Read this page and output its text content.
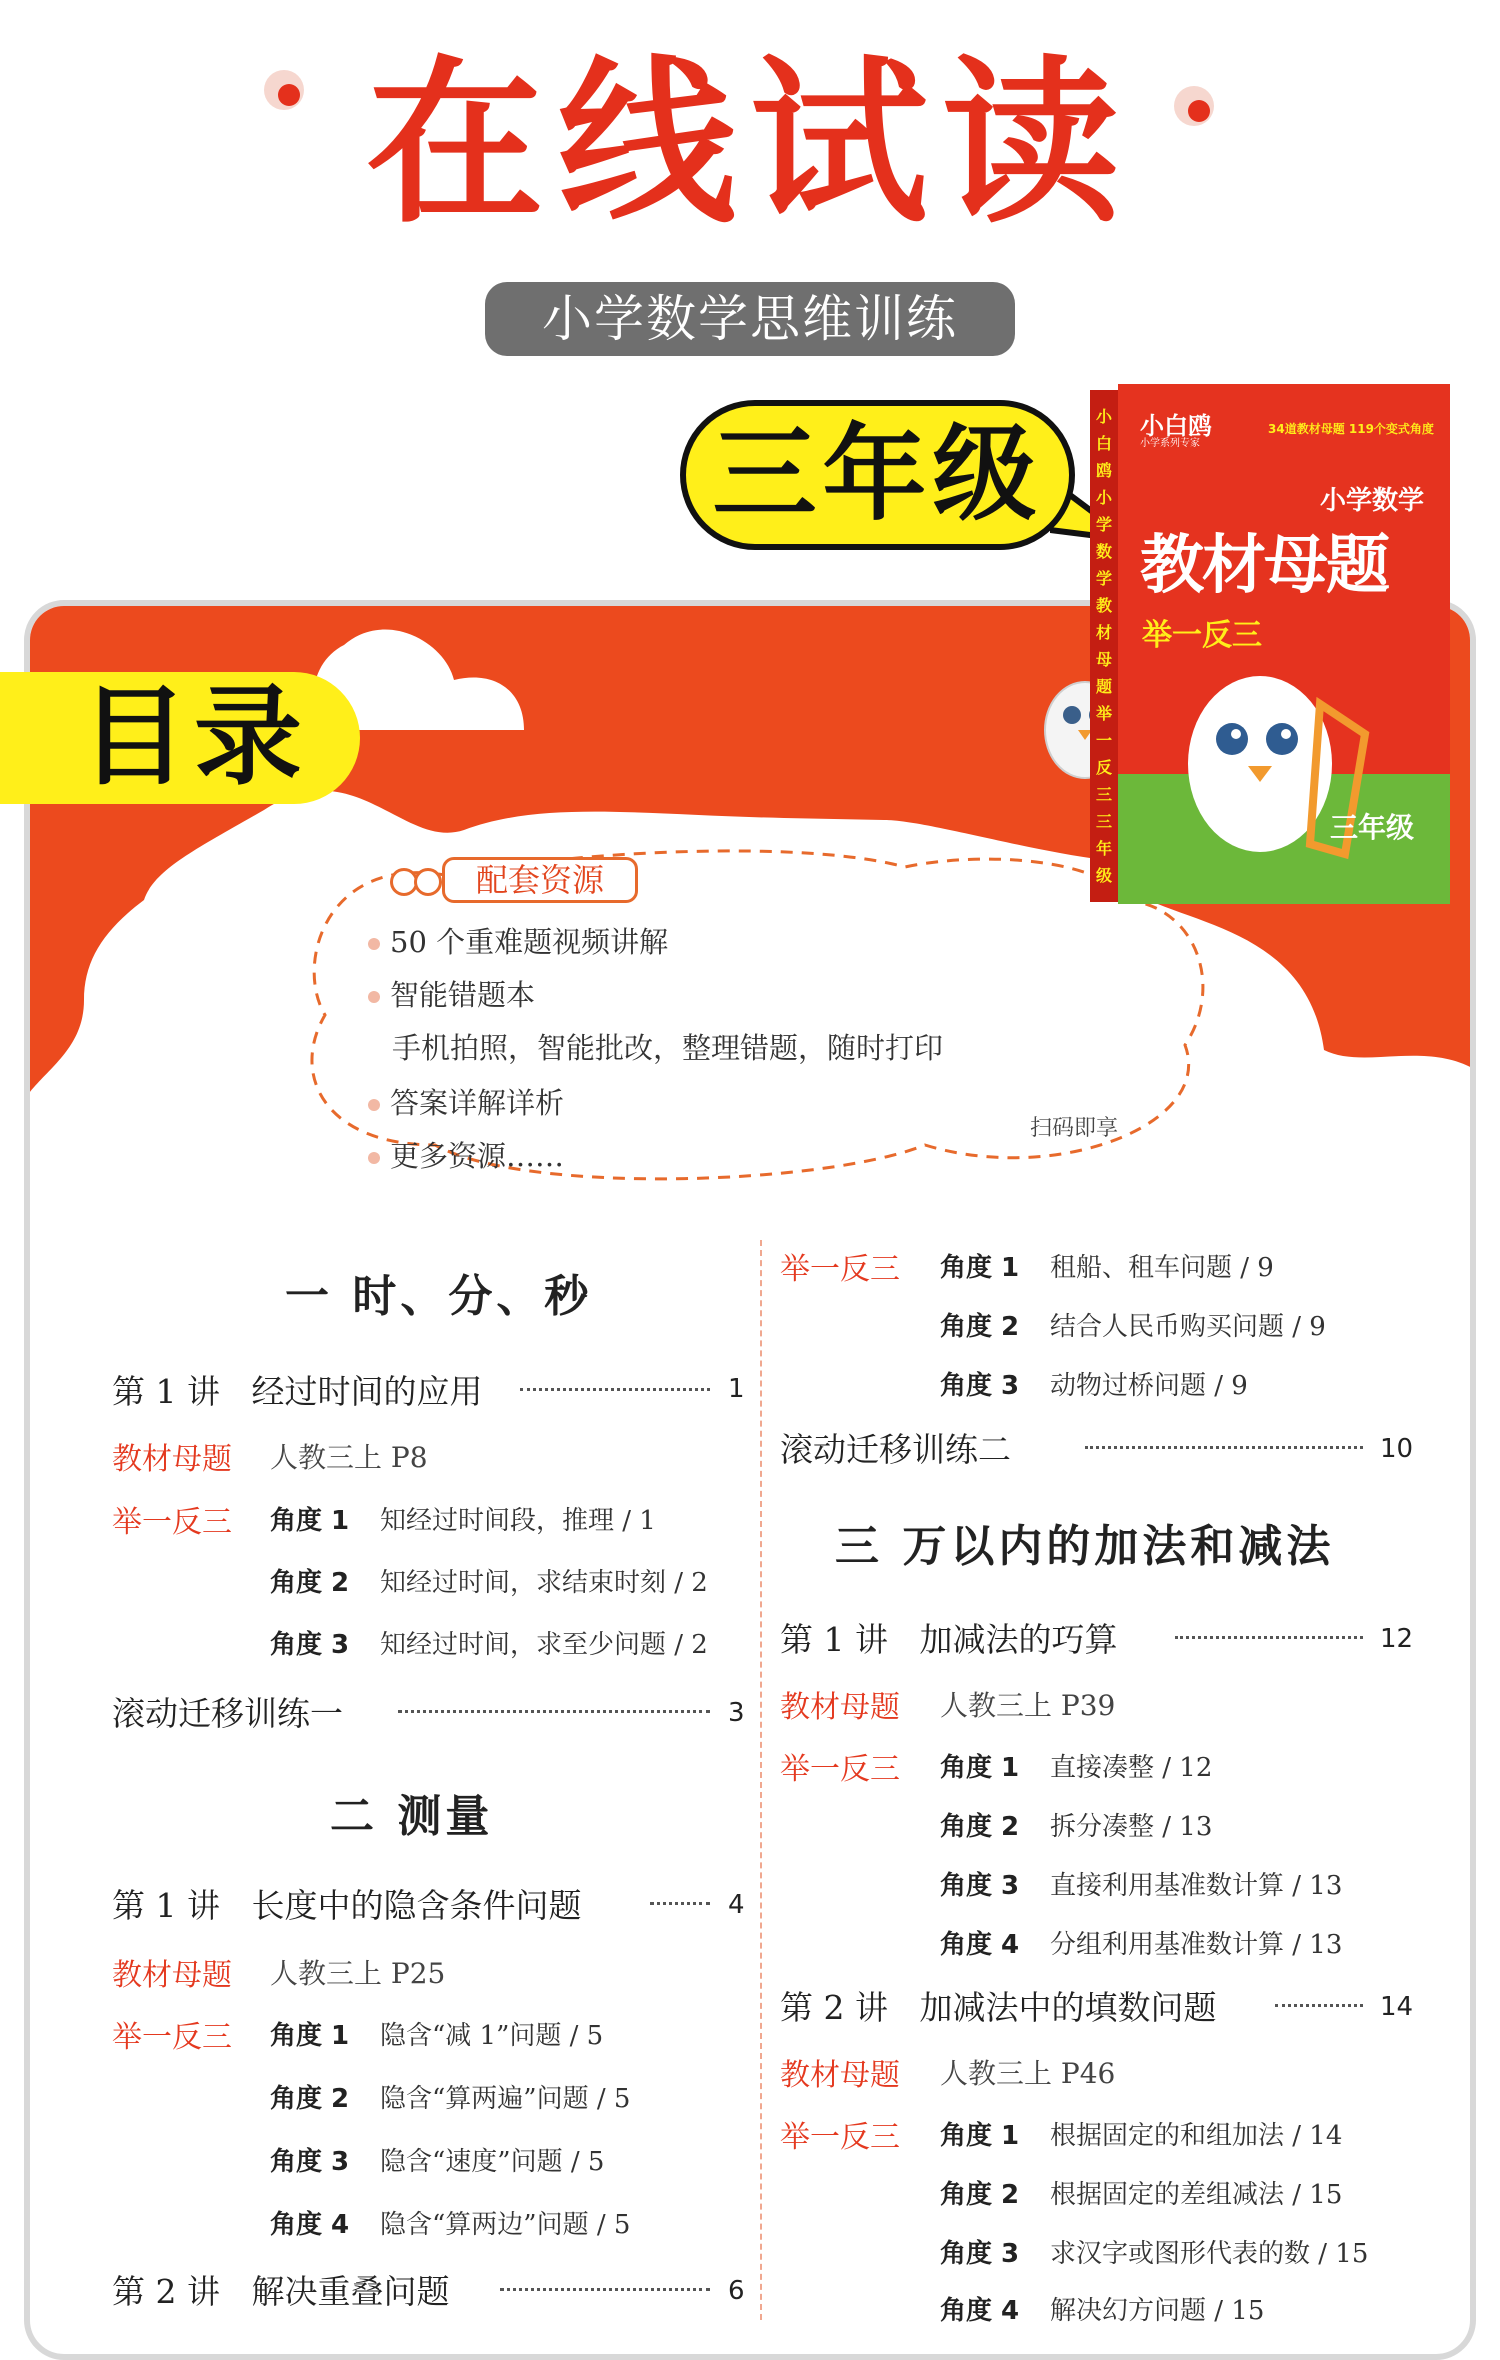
在线试读
小学数学思维训练
三年级
目录
配套资源
50 个重难题视频讲解
智能错题本
手机拍照，智能批改，整理错题，随时打印
答案详解详析
更多资源……
扫码即享
小白鸥
小学系列专家
34道教材母题 119个变式角度
小学数学
教材母题
举一反三
三年级
小
白
鸥
小
学
数
学
教
材
母
题
举
一
反
三
三
年
级
一 时、分、秒
第 1 讲 经过时间的应用	1
教材母题 人教三上 P8
举一反三 角度 1 知经过时间段，推理 / 1
角度 2 知经过时间，求结束时刻 / 2
角度 3 知经过时间，求至少问题 / 2
滚动迁移训练一	3
二 测量
第 1 讲 长度中的隐含条件问题	4
教材母题 人教三上 P25
举一反三 角度 1 隐含“减 1”问题 / 5
角度 2 隐含“算两遍”问题 / 5
角度 3 隐含“速度”问题 / 5
角度 4 隐含“算两边”问题 / 5
第 2 讲 解决重叠问题	6
举一反三 角度 1 租船、租车问题 / 9
角度 2 结合人民币购买问题 / 9
角度 3 动物过桥问题 / 9
滚动迁移训练二	10
三 万以内的加法和减法
第 1 讲 加减法的巧算	12
教材母题 人教三上 P39
举一反三 角度 1 直接凑整 / 12
角度 2 拆分凑整 / 13
角度 3 直接利用基准数计算 / 13
角度 4 分组利用基准数计算 / 13
第 2 讲 加减法中的填数问题	14
教材母题 人教三上 P46
举一反三 角度 1 根据固定的和组加法 / 14
角度 2 根据固定的差组减法 / 15
角度 3 求汉字或图形代表的数 / 15
角度 4 解决幻方问题 / 15
